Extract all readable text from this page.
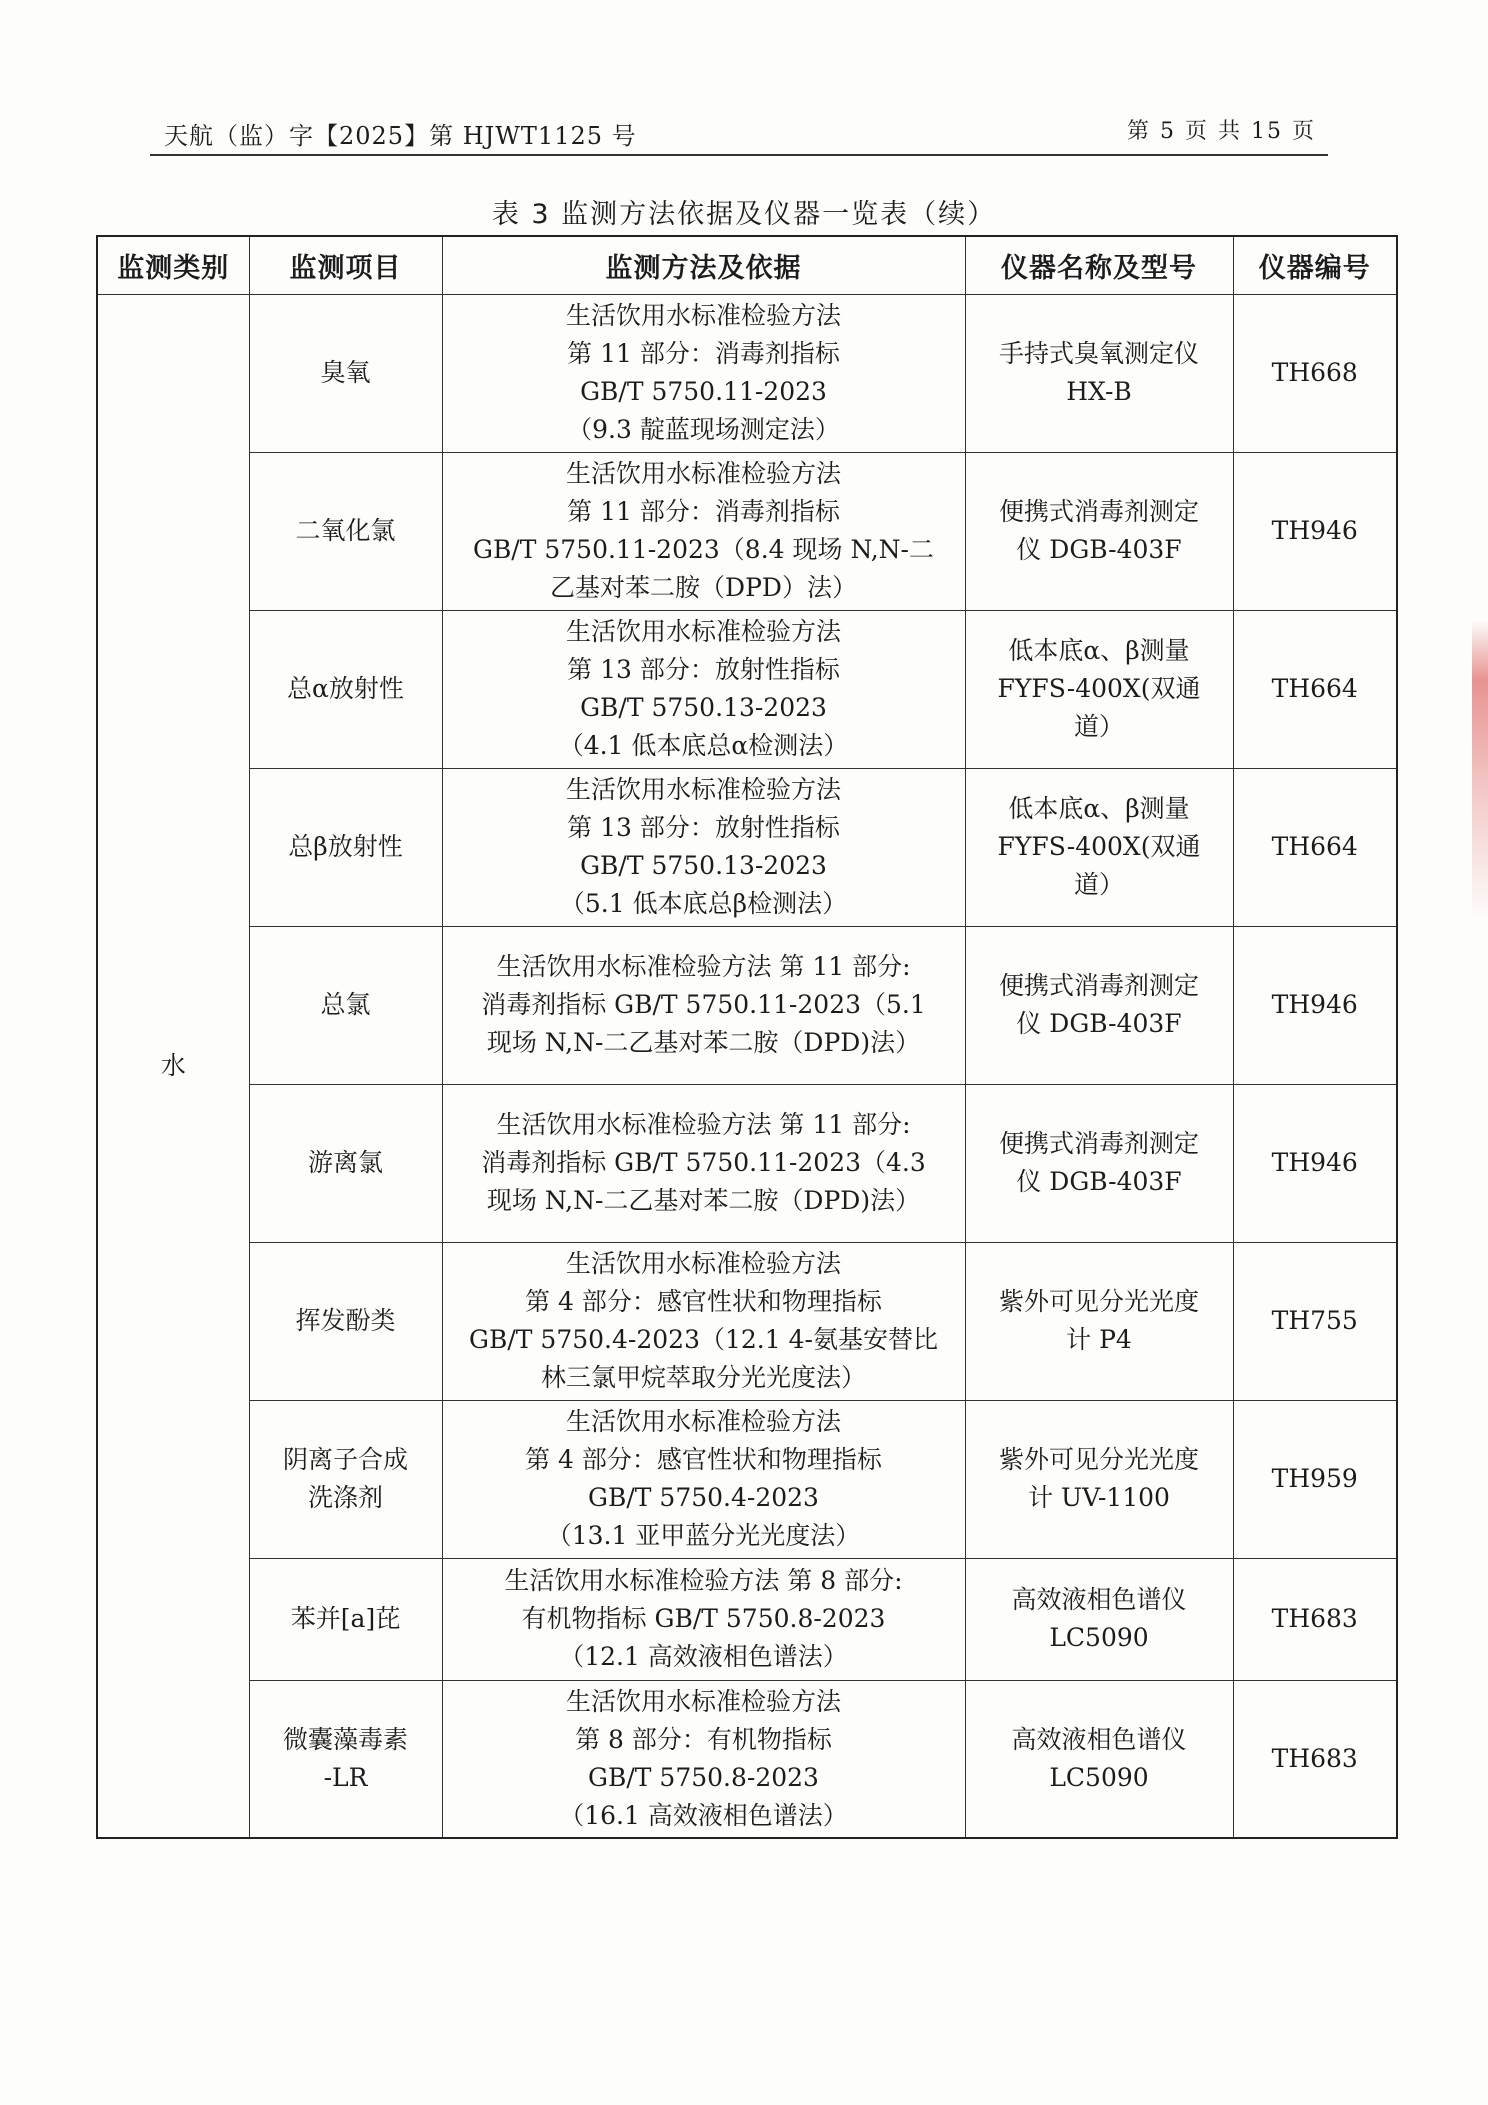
天航（监）字【2025】第 HJWT1125 号	第 5 页 共 15 页
表 3 监测方法依据及仪器一览表（续）
监测类别	监测项目	监测方法及依据	仪器名称及型号	仪器编号
水	臭氧	生活饮用水标准检验方法
第 11 部分：消毒剂指标
GB/T 5750.11-2023
（9.3 靛蓝现场测定法）	手持式臭氧测定仪
HX-B	TH668
	二氧化氯	生活饮用水标准检验方法
第 11 部分：消毒剂指标
GB/T 5750.11-2023（8.4 现场 N,N-二
乙基对苯二胺（DPD）法）	便携式消毒剂测定
仪 DGB-403F	TH946
	总α放射性	生活饮用水标准检验方法
第 13 部分：放射性指标
GB/T 5750.13-2023
（4.1 低本底总α检测法）	低本底α、β测量
FYFS-400X(双通
道）	TH664
	总β放射性	生活饮用水标准检验方法
第 13 部分：放射性指标
GB/T 5750.13-2023
（5.1 低本底总β检测法）	低本底α、β测量
FYFS-400X(双通
道）	TH664
	总氯	生活饮用水标准检验方法 第 11 部分:
消毒剂指标 GB/T 5750.11-2023（5.1
现场 N,N-二乙基对苯二胺（DPD)法）	便携式消毒剂测定
仪 DGB-403F	TH946
	游离氯	生活饮用水标准检验方法 第 11 部分:
消毒剂指标 GB/T 5750.11-2023（4.3
现场 N,N-二乙基对苯二胺（DPD)法）	便携式消毒剂测定
仪 DGB-403F	TH946
	挥发酚类	生活饮用水标准检验方法
第 4 部分：感官性状和物理指标
GB/T 5750.4-2023（12.1 4-氨基安替比
林三氯甲烷萃取分光光度法）	紫外可见分光光度
计 P4	TH755
	阴离子合成
洗涤剂	生活饮用水标准检验方法
第 4 部分：感官性状和物理指标
GB/T 5750.4-2023
（13.1 亚甲蓝分光光度法）	紫外可见分光光度
计 UV-1100	TH959
	苯并[a]芘	生活饮用水标准检验方法 第 8 部分:
有机物指标 GB/T 5750.8-2023
（12.1 高效液相色谱法）	高效液相色谱仪
LC5090	TH683
	微囊藻毒素
-LR	生活饮用水标准检验方法
第 8 部分：有机物指标
GB/T 5750.8-2023
（16.1 高效液相色谱法）	高效液相色谱仪
LC5090	TH683
